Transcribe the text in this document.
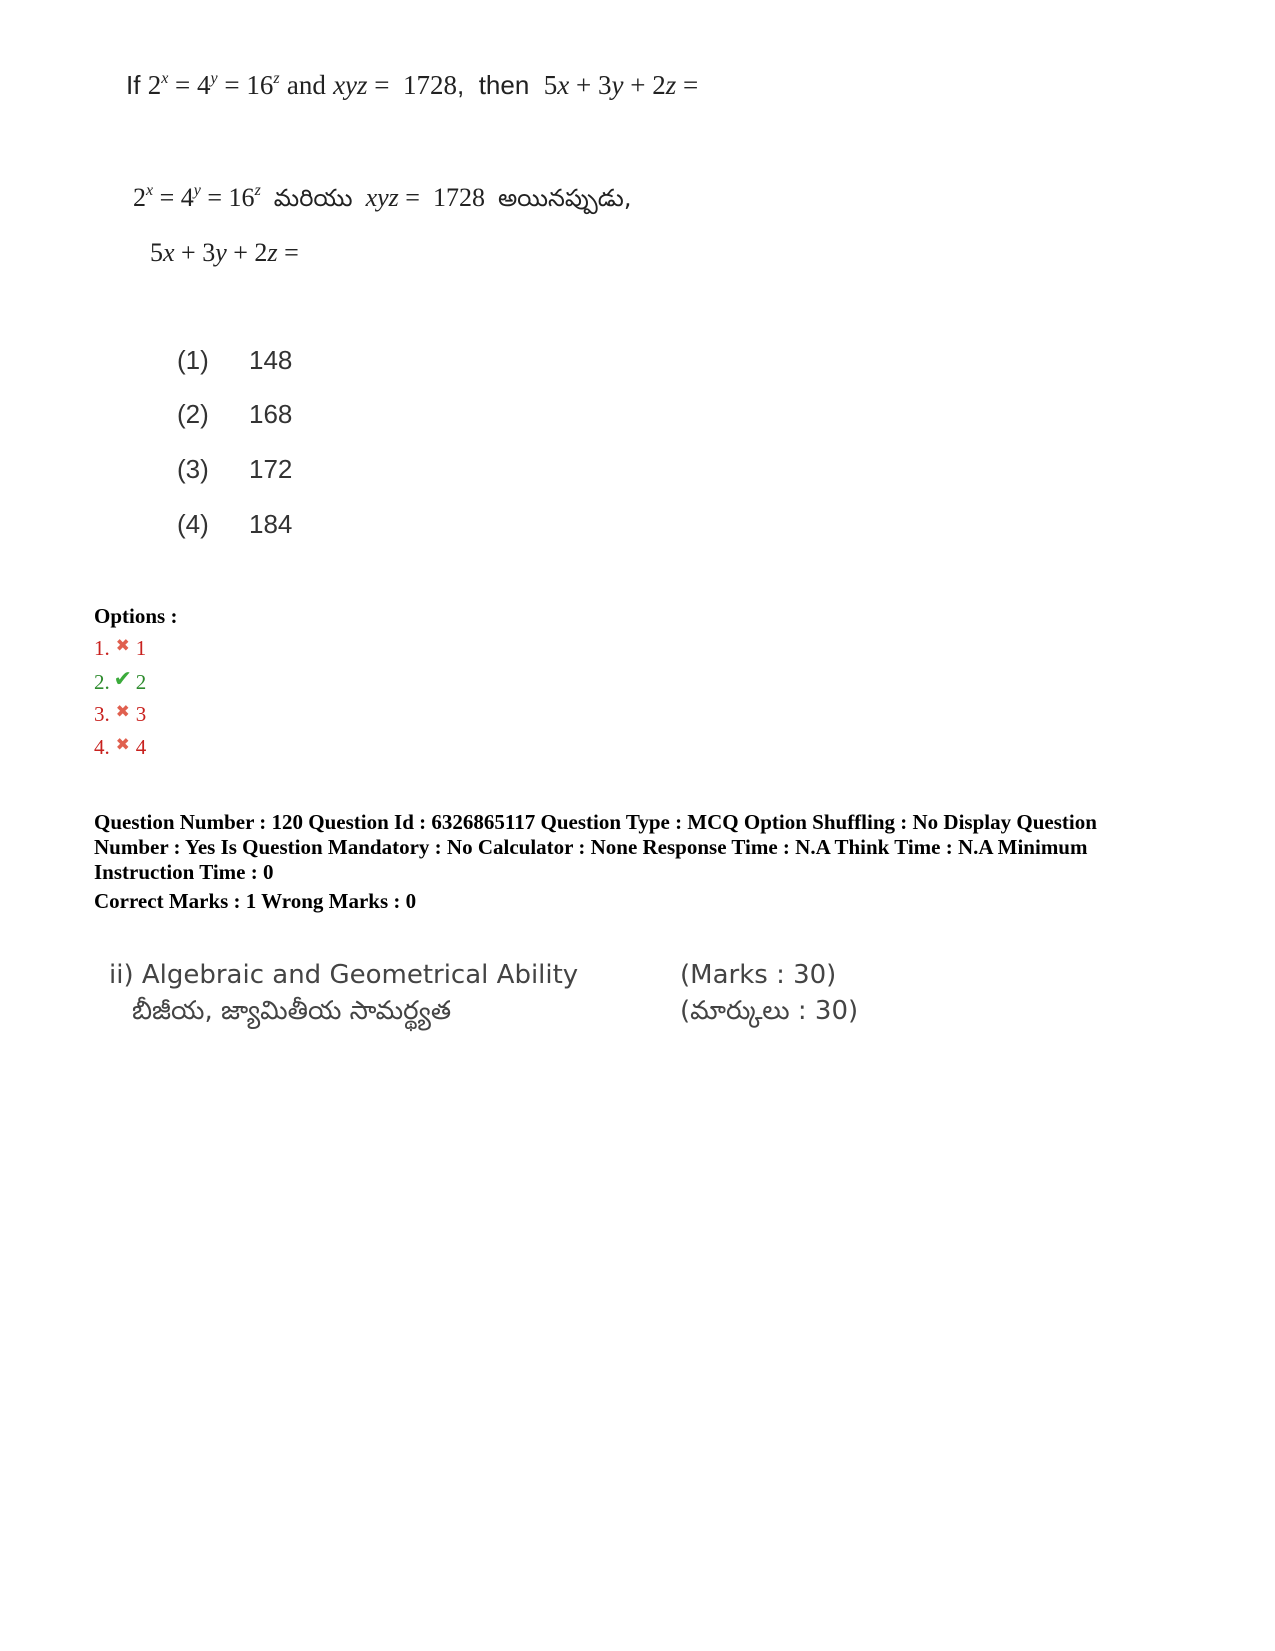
If $2^x = 4^y = 16^z$ and xyz =  1728,  then 5x + 3y + 2z =
$2^x = 4^y = 16^z$ మరియు xyz =  1728 అయినప్పుడు,
5x + 3y + 2z =
(1) 148
(2) 168
(3) 172
(4) 184
Options :
1. ✖ 1
2. ✔ 2
3. ✖ 3
4. ✖ 4
Question Number : 120 Question Id : 6326865117 Question Type : MCQ Option Shuffling : No Display Question Number : Yes Is Question Mandatory : No Calculator : None Response Time : N.A Think Time : N.A Minimum Instruction Time : 0
Correct Marks : 1 Wrong Marks : 0
ii) Algebraic and Geometrical Ability
బీజీయ, జ్యామితీయ సామర్థ్యత
(Marks : 30)
(మార్కులు : 30)
